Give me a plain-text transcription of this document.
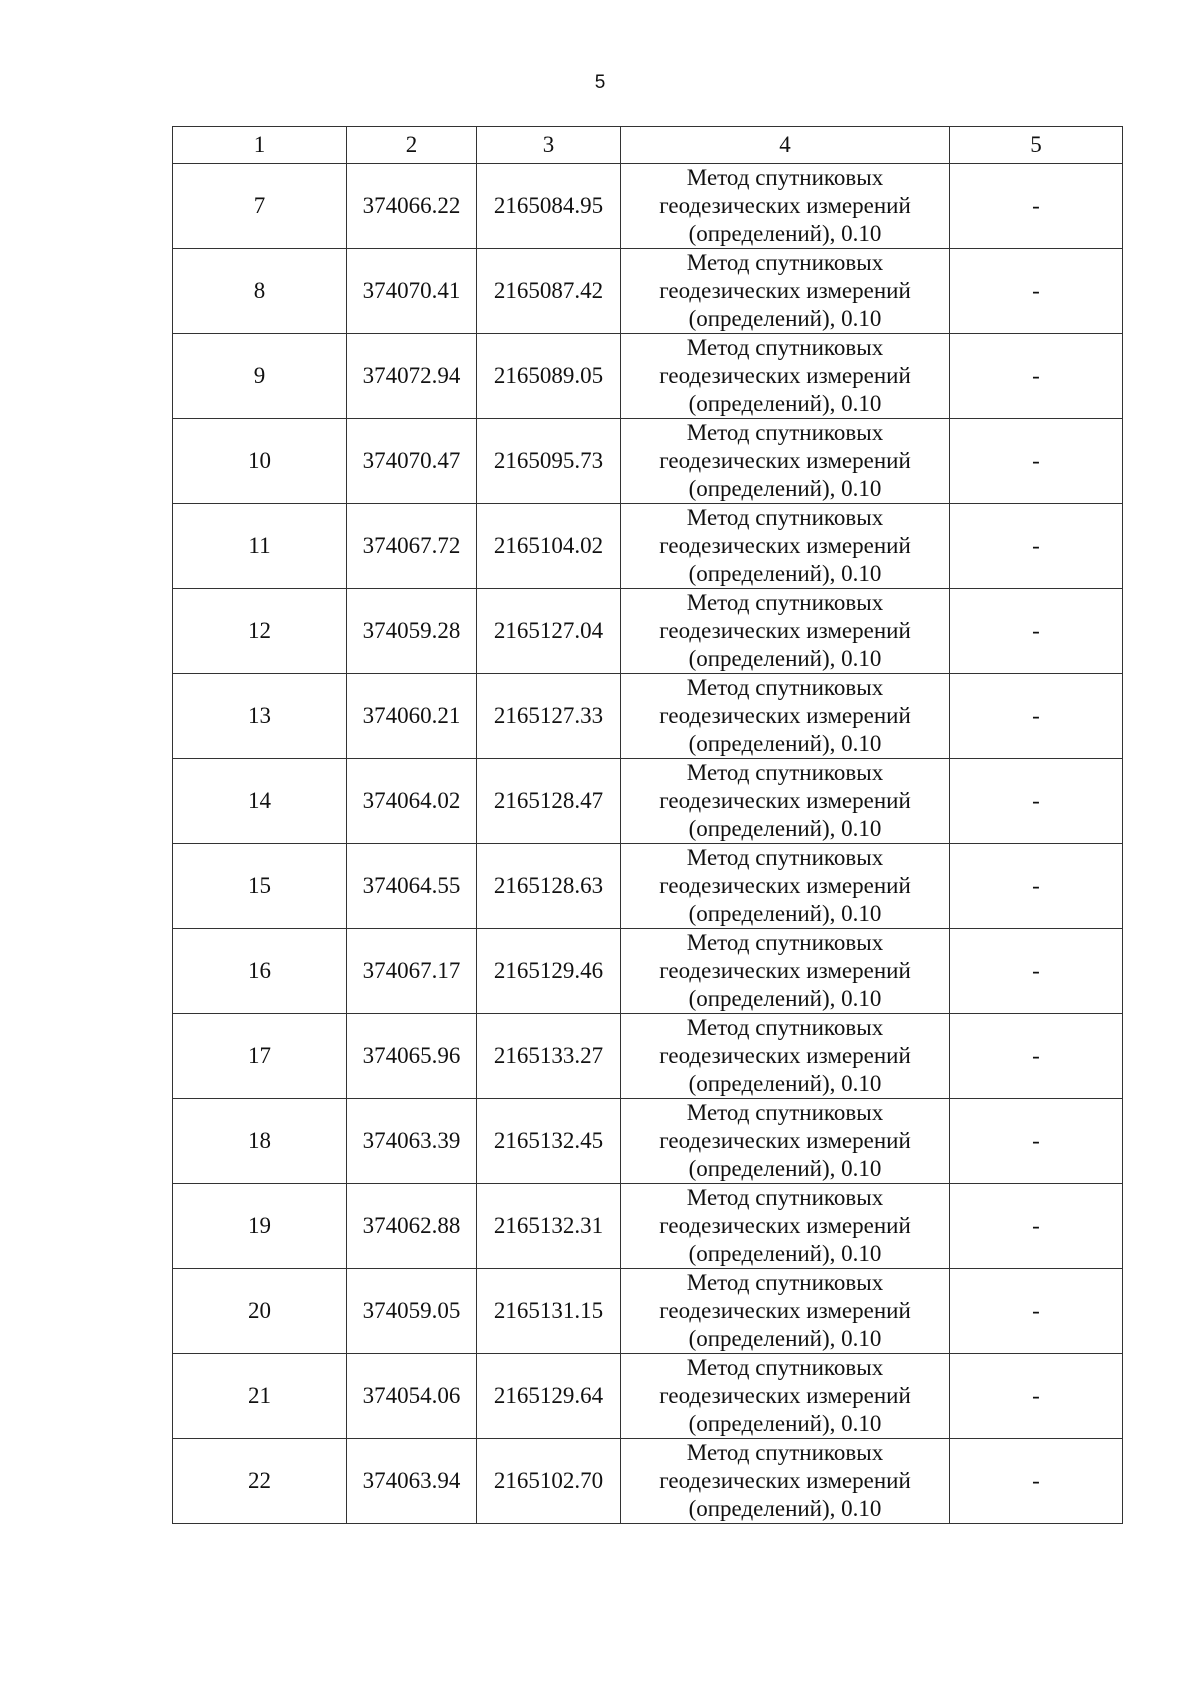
5
1	2	3	4	5
7	374066.22	2165084.95	Метод спутниковых
геодезических измерений
(определений), 0.10	-
8	374070.41	2165087.42	Метод спутниковых
геодезических измерений
(определений), 0.10	-
9	374072.94	2165089.05	Метод спутниковых
геодезических измерений
(определений), 0.10	-
10	374070.47	2165095.73	Метод спутниковых
геодезических измерений
(определений), 0.10	-
11	374067.72	2165104.02	Метод спутниковых
геодезических измерений
(определений), 0.10	-
12	374059.28	2165127.04	Метод спутниковых
геодезических измерений
(определений), 0.10	-
13	374060.21	2165127.33	Метод спутниковых
геодезических измерений
(определений), 0.10	-
14	374064.02	2165128.47	Метод спутниковых
геодезических измерений
(определений), 0.10	-
15	374064.55	2165128.63	Метод спутниковых
геодезических измерений
(определений), 0.10	-
16	374067.17	2165129.46	Метод спутниковых
геодезических измерений
(определений), 0.10	-
17	374065.96	2165133.27	Метод спутниковых
геодезических измерений
(определений), 0.10	-
18	374063.39	2165132.45	Метод спутниковых
геодезических измерений
(определений), 0.10	-
19	374062.88	2165132.31	Метод спутниковых
геодезических измерений
(определений), 0.10	-
20	374059.05	2165131.15	Метод спутниковых
геодезических измерений
(определений), 0.10	-
21	374054.06	2165129.64	Метод спутниковых
геодезических измерений
(определений), 0.10	-
22	374063.94	2165102.70	Метод спутниковых
геодезических измерений
(определений), 0.10	-
